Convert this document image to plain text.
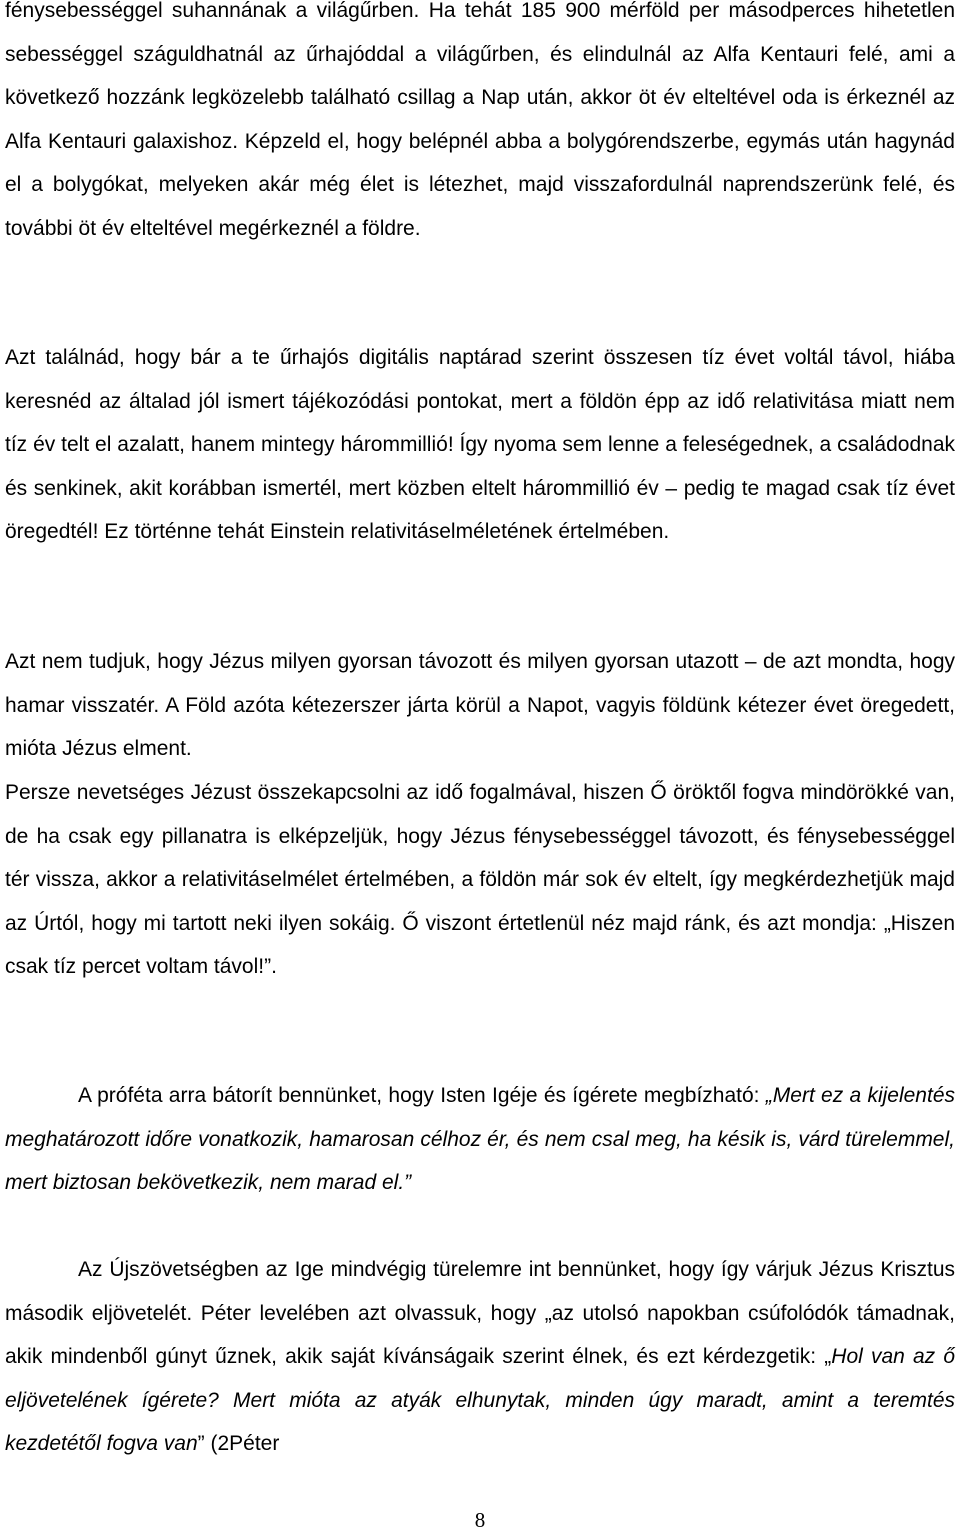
fénysebességgel suhannának a világűrben. Ha tehát 185 900 mérföld per másodperces hihetetlen sebességgel száguldhatnál az űrhajóddal a világűrben, és elindulnál az Alfa Kentauri felé, ami a következő hozzánk legközelebb található csillag a Nap után, akkor öt év elteltével oda is érkeznél az Alfa Kentauri galaxishoz. Képzeld el, hogy belépnél abba a bolygórendszerbe, egymás után hagynád el a bolygókat, melyeken akár még élet is létezhet, majd visszafordulnál naprendszerünk felé, és további öt év elteltével megérkeznél a földre.

Azt találnád, hogy bár a te űrhajós digitális naptárad szerint összesen tíz évet voltál távol, hiába keresnéd az általad jól ismert tájékozódási pontokat, mert a földön épp az idő relativitása miatt nem tíz év telt el azalatt, hanem mintegy hárommillió! Így nyoma sem lenne a feleségednek, a családodnak és senkinek, akit korábban ismertél, mert közben eltelt hárommillió év – pedig te magad csak tíz évet öregedtél! Ez történne tehát Einstein relativitáselméletének értelmében.

Azt nem tudjuk, hogy Jézus milyen gyorsan távozott és milyen gyorsan utazott – de azt mondta, hogy hamar visszatér. A Föld azóta kétezerszer járta körül a Napot, vagyis földünk kétezer évet öregedett, mióta Jézus elment.

Persze nevetséges Jézust összekapcsolni az idő fogalmával, hiszen Ő öröktől fogva mindörökké van, de ha csak egy pillanatra is elképzeljük, hogy Jézus fénysebességgel távozott, és fénysebességgel tér vissza, akkor a relativitáselmélet értelmében, a földön már sok év eltelt, így megkérdezhetjük majd az Úrtól, hogy mi tartott neki ilyen sokáig. Ő viszont értetlenül néz majd ránk, és azt mondja: „Hiszen csak tíz percet voltam távol!”.

A próféta arra bátorít bennünket, hogy Isten Igéje és ígérete megbízható: „Mert ez a kijelentés meghatározott időre vonatkozik, hamarosan célhoz ér, és nem csal meg, ha késik is, várd türelemmel, mert biztosan bekövetkezik, nem marad el.”

Az Újszövetségben az Ige mindvégig türelemre int bennünket, hogy így várjuk Jézus Krisztus második eljövetelét. Péter levelében azt olvassuk, hogy „az utolsó napokban csúfolódók támadnak, akik mindenből gúnyt űznek, akik saját kívánságaik szerint élnek, és ezt kérdezgetik: „Hol van az ő eljövetelének ígérete? Mert mióta az atyák elhunytak, minden úgy maradt, amint a teremtés kezdetétől fogva van” (2Péter

8
